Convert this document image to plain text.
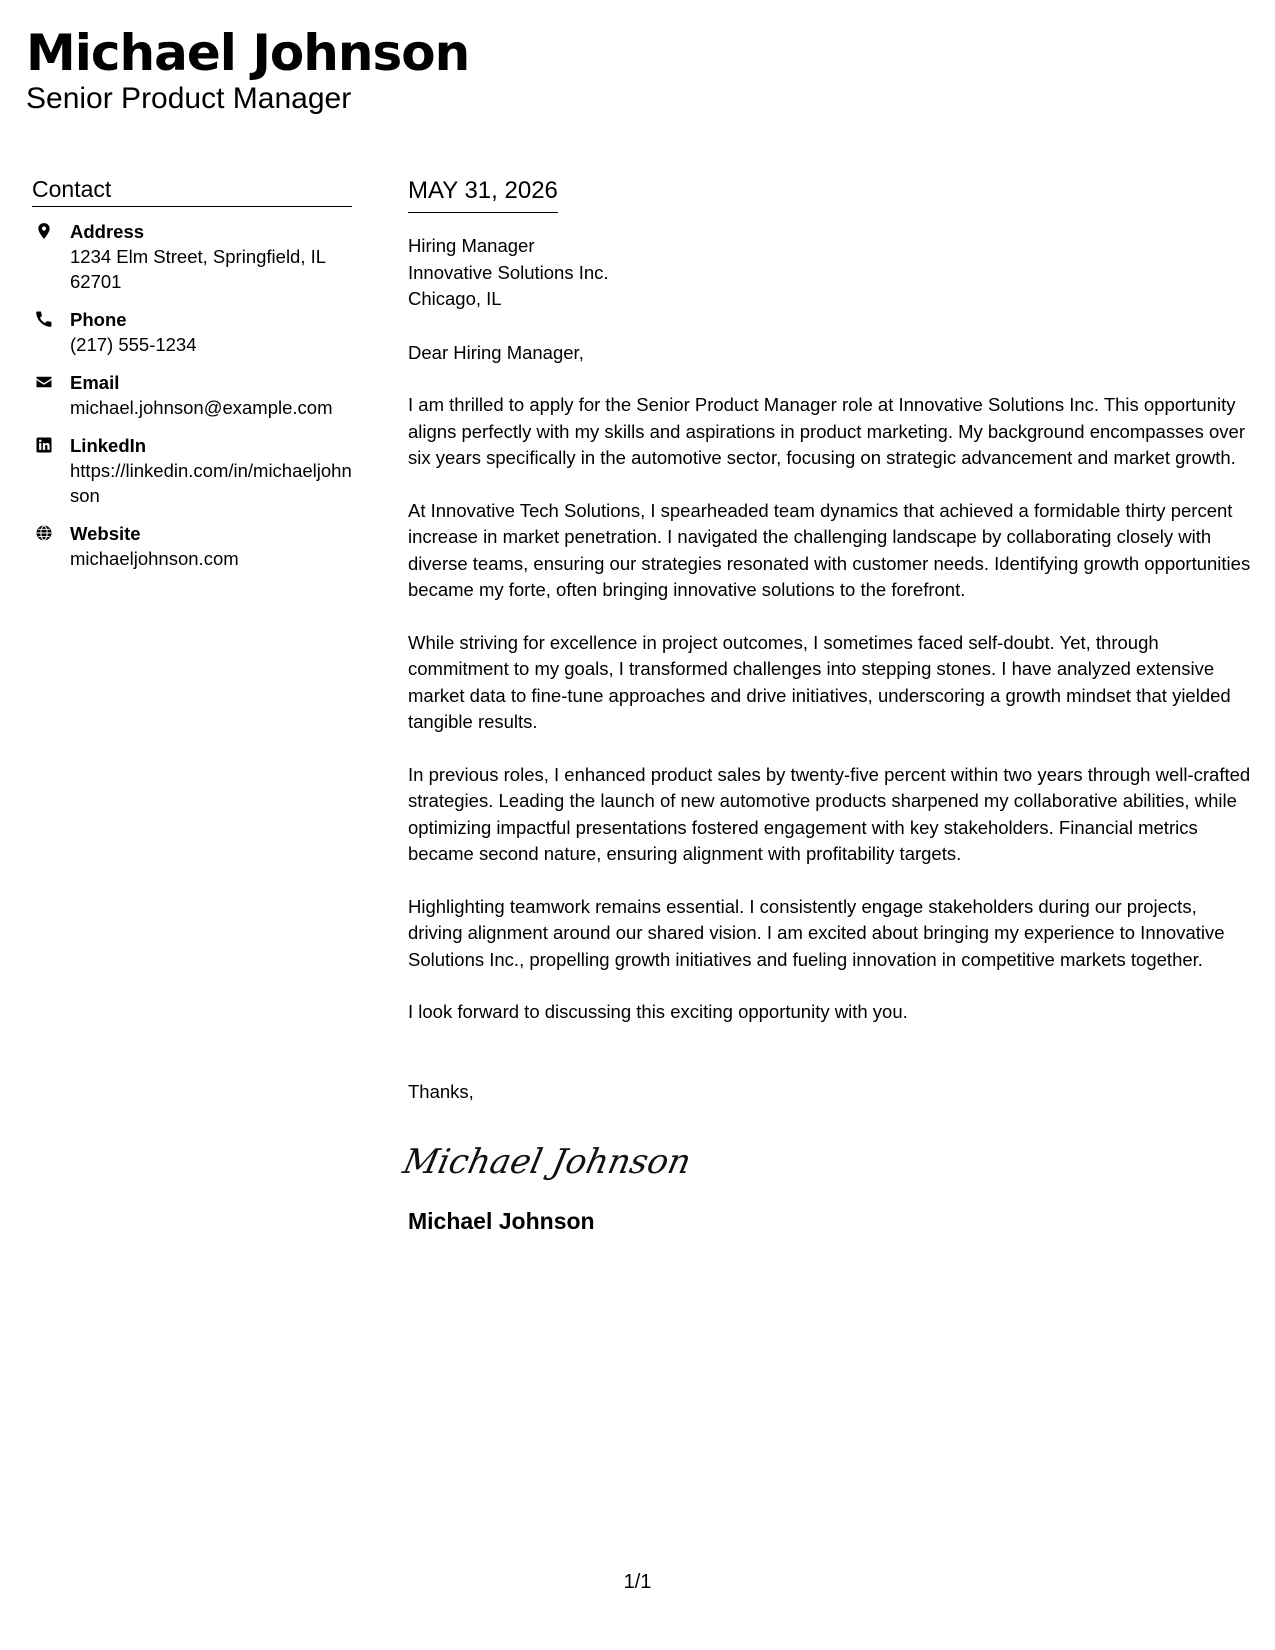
Michael Johnson
Senior Product Manager
Contact
Address
1234 Elm Street, Springfield, IL 62701
Phone
(217) 555-1234
Email
michael.johnson@example.com
LinkedIn
https://linkedin.com/in/michaeljohnson
Website
michaeljohnson.com
MAY 31, 2026
Hiring Manager
Innovative Solutions Inc.
Chicago, IL
Dear Hiring Manager,
I am thrilled to apply for the Senior Product Manager role at Innovative Solutions Inc. This opportunity aligns perfectly with my skills and aspirations in product marketing. My background encompasses over six years specifically in the automotive sector, focusing on strategic advancement and market growth.
At Innovative Tech Solutions, I spearheaded team dynamics that achieved a formidable thirty percent increase in market penetration. I navigated the challenging landscape by collaborating closely with diverse teams, ensuring our strategies resonated with customer needs. Identifying growth opportunities became my forte, often bringing innovative solutions to the forefront.
While striving for excellence in project outcomes, I sometimes faced self-doubt. Yet, through commitment to my goals, I transformed challenges into stepping stones. I have analyzed extensive market data to fine-tune approaches and drive initiatives, underscoring a growth mindset that yielded tangible results.
In previous roles, I enhanced product sales by twenty-five percent within two years through well-crafted strategies. Leading the launch of new automotive products sharpened my collaborative abilities, while optimizing impactful presentations fostered engagement with key stakeholders. Financial metrics became second nature, ensuring alignment with profitability targets.
Highlighting teamwork remains essential. I consistently engage stakeholders during our projects, driving alignment around our shared vision. I am excited about bringing my experience to Innovative Solutions Inc., propelling growth initiatives and fueling innovation in competitive markets together.
I look forward to discussing this exciting opportunity with you.
Thanks,
Michael Johnson
Michael Johnson
1/1
